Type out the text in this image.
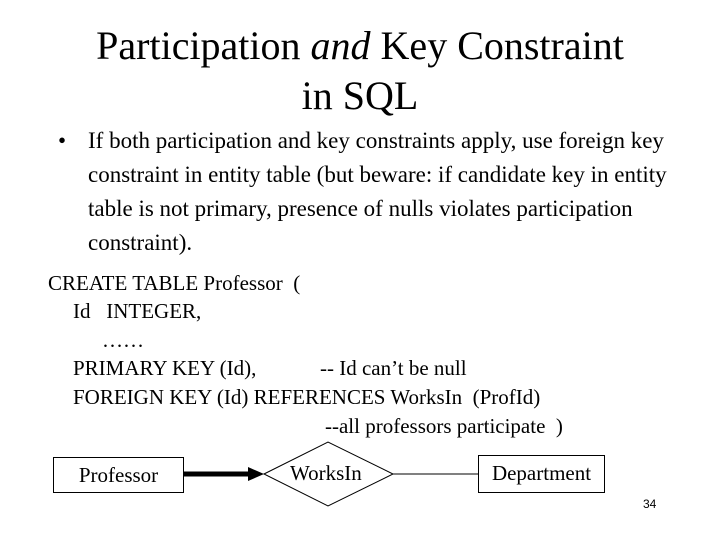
Participation and Key Constraint
in SQL
• If both participation and key constraints apply, use foreign key constraint in entity table (but beware: if candidate key in entity table is not primary, presence of nulls violates participation constraint).
CREATE TABLE Professor  (
Id   INTEGER,
……
PRIMARY KEY (Id),	-- Id can’t be null
FOREIGN KEY (Id) REFERENCES WorksIn  (ProfId)
--all professors participate  )
Professor	WorksIn	Department
34
